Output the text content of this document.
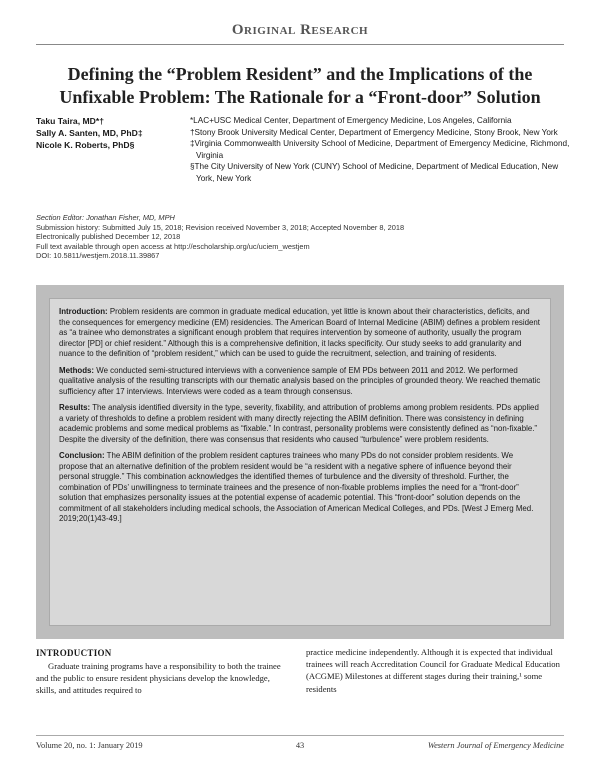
Original Research
Defining the “Problem Resident” and the Implications of the Unfixable Problem: The Rationale for a “Front-door” Solution
Taku Taira, MD*†
Sally A. Santen, MD, PhD‡
Nicole K. Roberts, PhD§
*LAC+USC Medical Center, Department of Emergency Medicine, Los Angeles, California
†Stony Brook University Medical Center, Department of Emergency Medicine, Stony Brook, New York
‡Virginia Commonwealth University School of Medicine, Department of Emergency Medicine, Richmond, Virginia
§The City University of New York (CUNY) School of Medicine, Department of Medical Education, New York, New York
Section Editor: Jonathan Fisher, MD, MPH
Submission history: Submitted July 15, 2018; Revision received November 3, 2018; Accepted November 8, 2018
Electronically published December 12, 2018
Full text available through open access at http://escholarship.org/uc/uciem_westjem
DOI: 10.5811/westjem.2018.11.39867

Introduction: Problem residents are common in graduate medical education, yet little is known about their characteristics, deficits, and the consequences for emergency medicine (EM) residencies. The American Board of Internal Medicine (ABIM) defines a problem resident as “a trainee who demonstrates a significant enough problem that requires intervention by someone of authority, usually the program director [PD] or chief resident.” Although this is a comprehensive definition, it lacks specificity. Our study seeks to add granularity and nuance to the definition of “problem resident,” which can be used to guide the recruitment, selection, and training of residents.

Methods: We conducted semi-structured interviews with a convenience sample of EM PDs between 2011 and 2012. We performed qualitative analysis of the resulting transcripts with our thematic analysis based on the principles of grounded theory. We reached thematic sufficiency after 17 interviews. Interviews were coded as a team through consensus.

Results: The analysis identified diversity in the type, severity, fixability, and attribution of problems among problem residents. PDs applied a variety of thresholds to define a problem resident with many directly rejecting the ABIM definition. There was consistency in defining academic problems and some medical problems as “fixable.” In contrast, personality problems were consistently defined as “non-fixable.” Despite the diversity of the definition, there was consensus that residents who caused “turbulence” were problem residents.

Conclusion: The ABIM definition of the problem resident captures trainees who many PDs do not consider problem residents. We propose that an alternative definition of the problem resident would be “a resident with a negative sphere of influence beyond their personal struggle.” This combination acknowledges the identified themes of turbulence and the diversity of threshold. Further, the combination of PDs’ unwillingness to terminate trainees and the presence of non-fixable problems implies the need for a “front-door” solution that emphasizes personality issues at the potential expense of academic potential. This “front-door” solution depends on the commitment of all stakeholders including medical schools, the Association of American Medical Colleges, and PDs. [West J Emerg Med. 2019;20(1)43-49.]

INTRODUCTION

Graduate training programs have a responsibility to both the trainee and the public to ensure resident physicians develop the knowledge, skills, and attitudes required to

practice medicine independently. Although it is expected that individual trainees will reach Accreditation Council for Graduate Medical Education (ACGME) Milestones at different stages during their training,¹ some residents

Volume 20, no. 1: January 2019	43	Western Journal of Emergency Medicine
